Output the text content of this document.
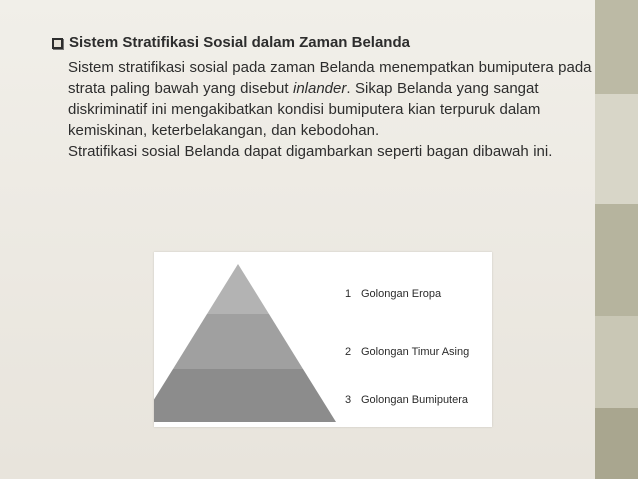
Sistem Stratifikasi Sosial dalam Zaman Belanda
Sistem stratifikasi sosial pada zaman Belanda menempatkan bumiputera pada strata paling bawah yang disebut inlander. Sikap Belanda yang sangat diskriminatif ini mengakibatkan kondisi bumiputera kian terpuruk dalam kemiskinan, keterbelakangan, dan kebodohan.
Stratifikasi sosial Belanda dapat digambarkan seperti bagan dibawah ini.
1 Golongan Eropa
2 Golongan Timur Asing
3 Golongan Bumiputera
